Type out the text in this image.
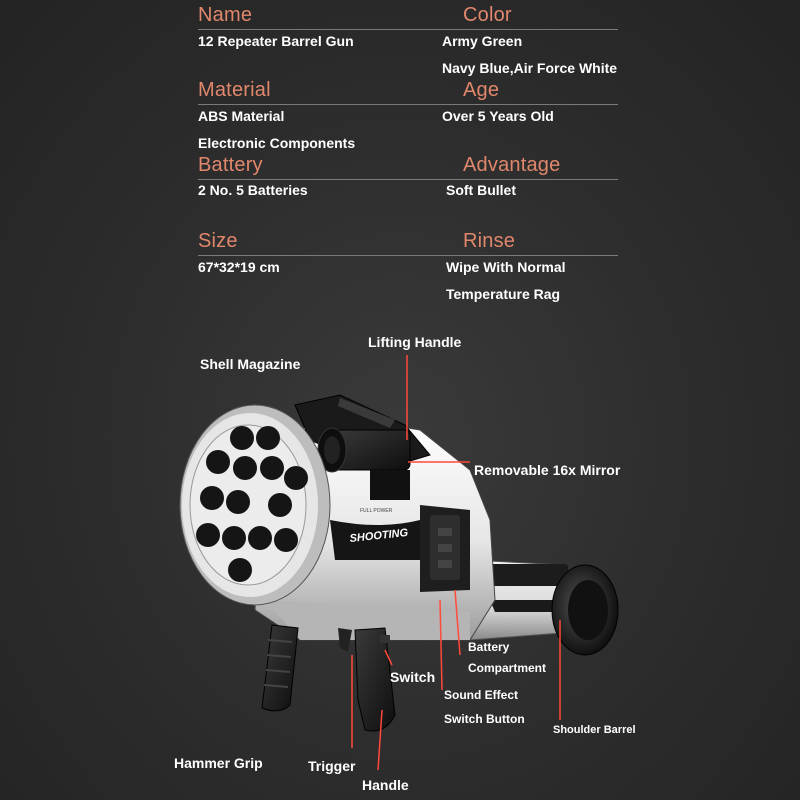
Name	Color
12 Repeater Barrel Gun	Army Green
Navy Blue,Air Force White
Material	Age
ABS Material	Over 5 Years Old
Electronic Components
Battery	Advantage
2 No. 5 Batteries	Soft Bullet
Size	Rinse
67*32*19 cm	Wipe With Normal
Temperature Rag
SHOOTING
FULL POWER
Lifting Handle
Shell Magazine
Removable 16x Mirror
Battery
Compartment
Switch
Sound Effect
Switch Button
Shoulder Barrel
Hammer Grip	Trigger
Handle
